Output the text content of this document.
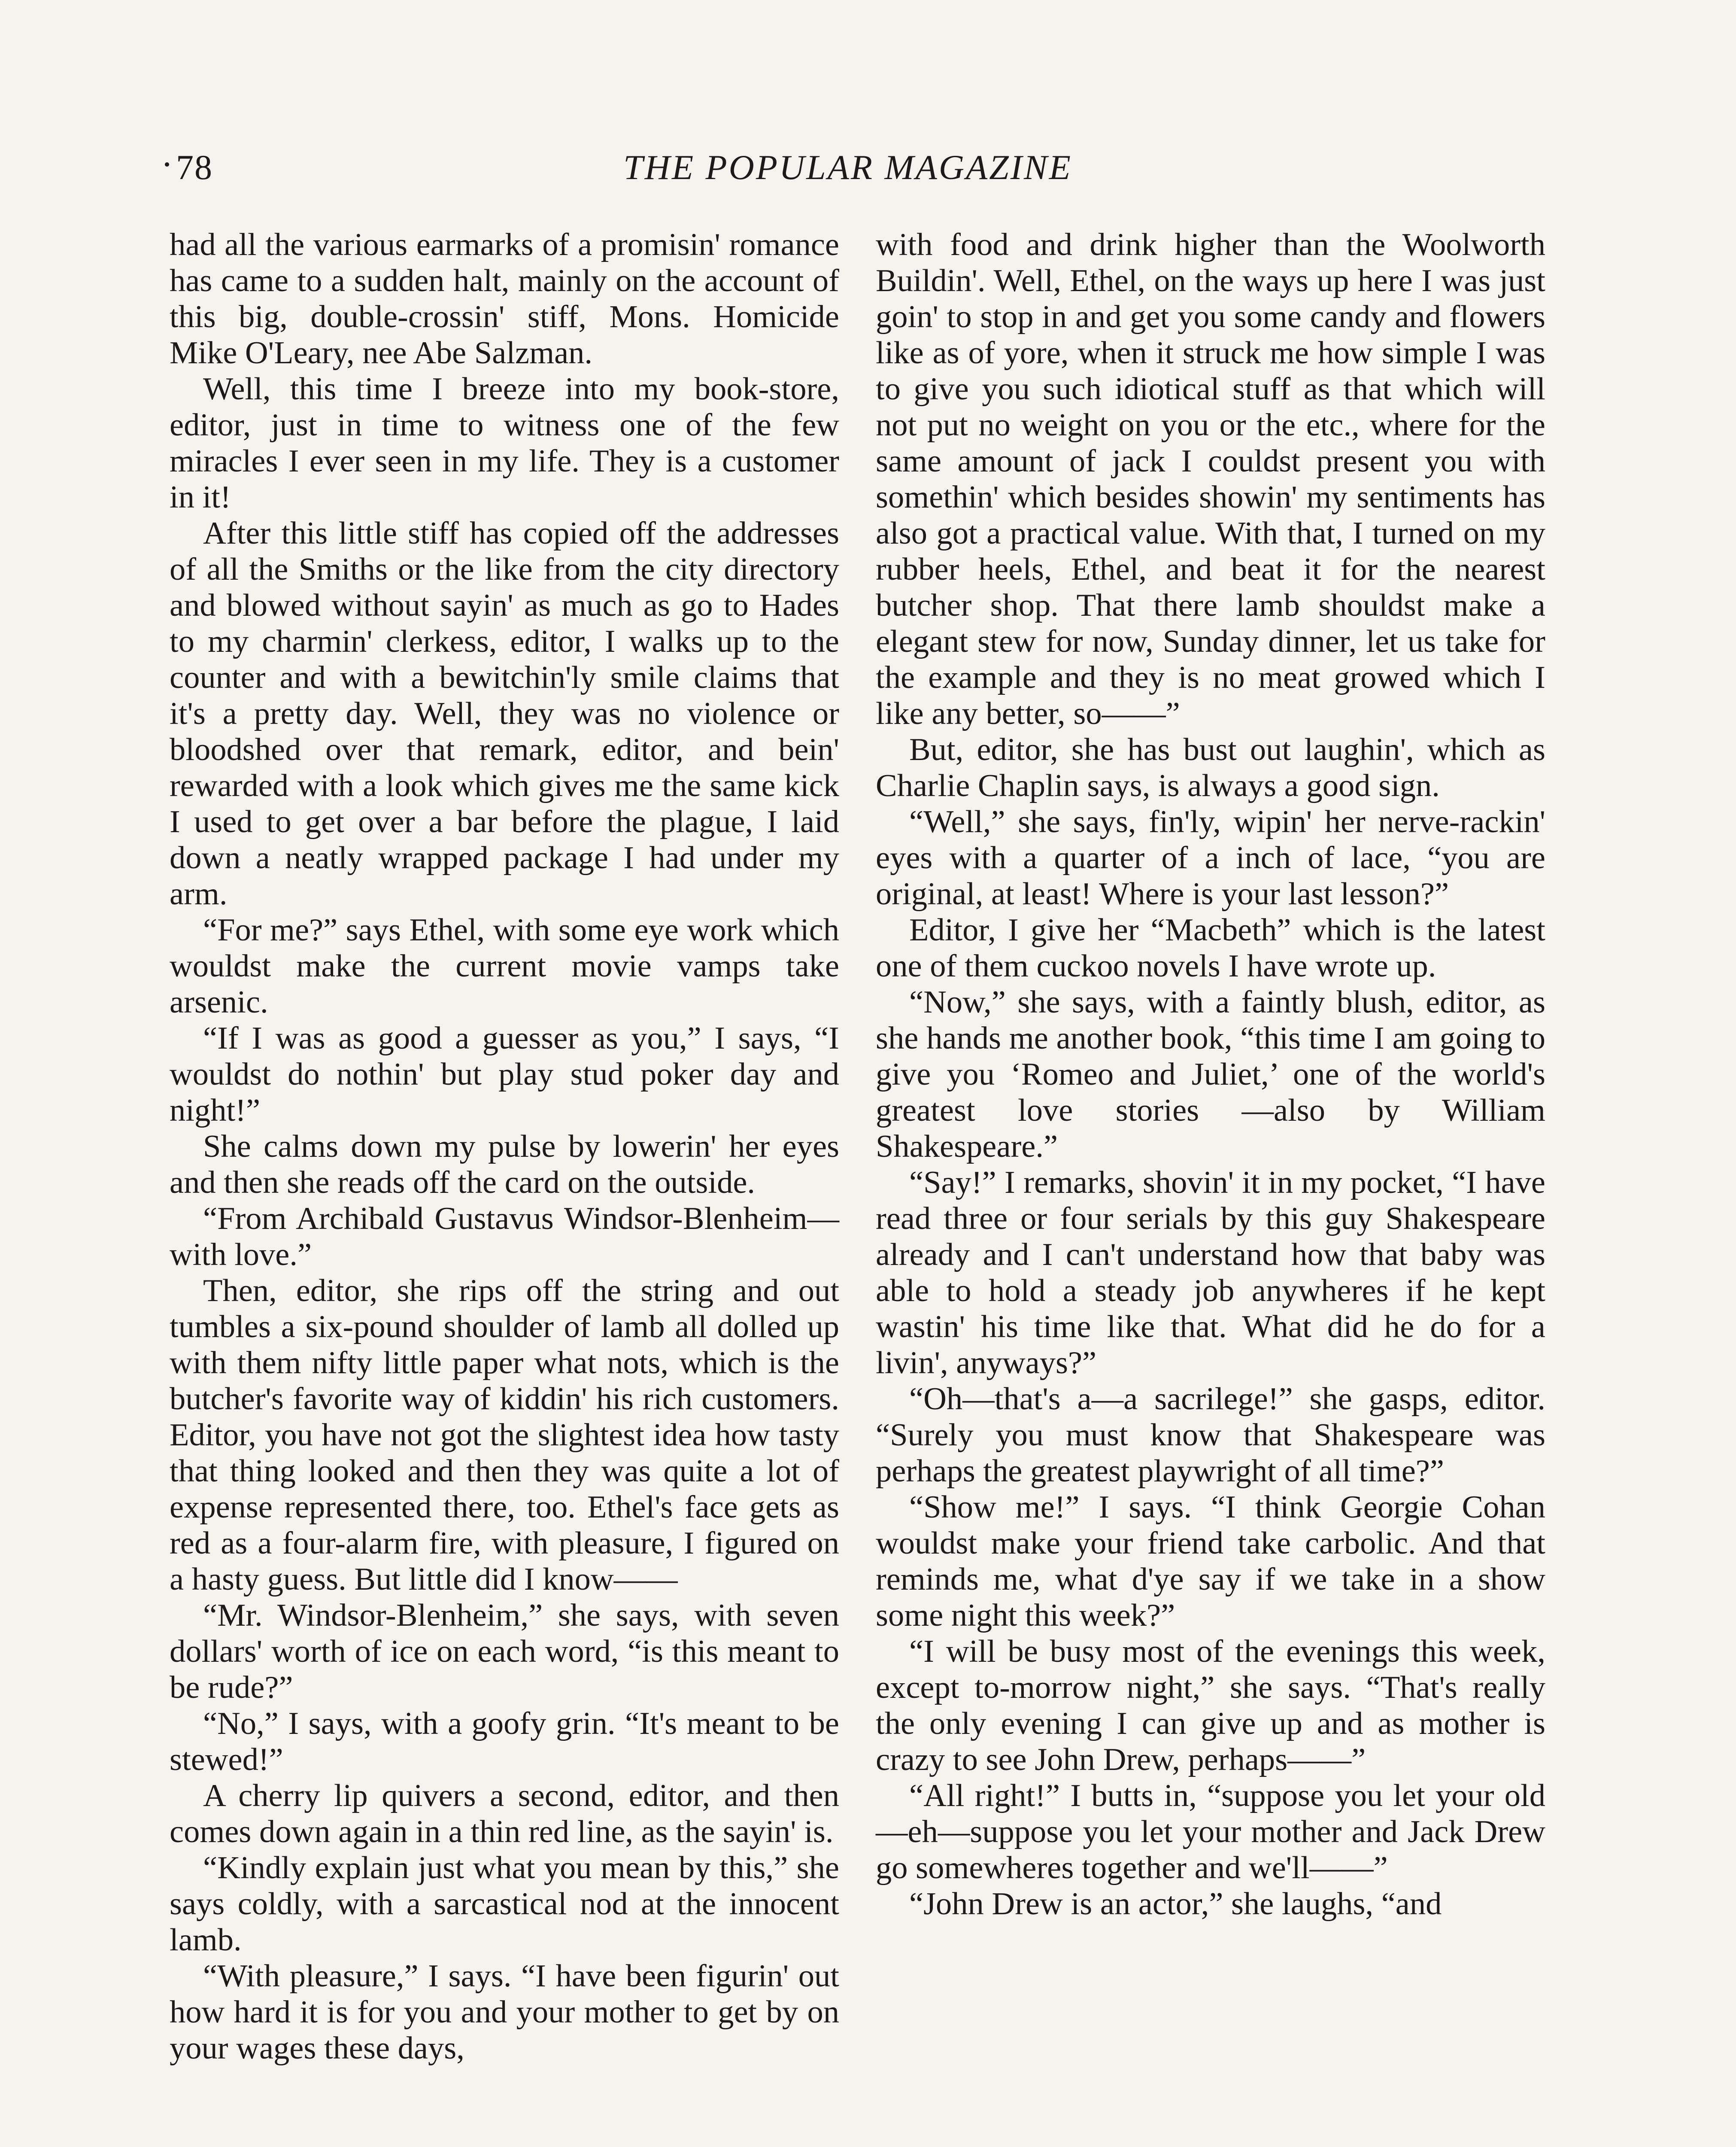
78	THE POPULAR MAGAZINE

had all the various earmarks of a promisin' romance has came to a sudden halt, mainly on the account of this big, double-crossin' stiff, Mons. Homicide Mike O'Leary, nee Abe Salzman.

Well, this time I breeze into my book-store, editor, just in time to witness one of the few miracles I ever seen in my life. They is a customer in it!

After this little stiff has copied off the addresses of all the Smiths or the like from the city directory and blowed without sayin' as much as go to Hades to my charmin' clerkess, editor, I walks up to the counter and with a bewitchin'ly smile claims that it's a pretty day. Well, they was no violence or bloodshed over that remark, editor, and bein' rewarded with a look which gives me the same kick I used to get over a bar before the plague, I laid down a neatly wrapped package I had under my arm.

“For me?” says Ethel, with some eye work which wouldst make the current movie vamps take arsenic.

“If I was as good a guesser as you,” I says, “I wouldst do nothin' but play stud poker day and night!”

She calms down my pulse by lowerin' her eyes and then she reads off the card on the outside.

“From Archibald Gustavus Windsor-Blenheim—with love.”

Then, editor, she rips off the string and out tumbles a six-pound shoulder of lamb all dolled up with them nifty little paper what nots, which is the butcher's favorite way of kiddin' his rich customers. Editor, you have not got the slightest idea how tasty that thing looked and then they was quite a lot of expense represented there, too. Ethel's face gets as red as a four-alarm fire, with pleasure, I figured on a hasty guess. But little did I know——

“Mr. Windsor-Blenheim,” she says, with seven dollars' worth of ice on each word, “is this meant to be rude?”

“No,” I says, with a goofy grin. “It's meant to be stewed!”

A cherry lip quivers a second, editor, and then comes down again in a thin red line, as the sayin' is.

“Kindly explain just what you mean by this,” she says coldly, with a sarcastical nod at the innocent lamb.

“With pleasure,” I says. “I have been figurin' out how hard it is for you and your mother to get by on your wages these days,

with food and drink higher than the Woolworth Buildin'. Well, Ethel, on the ways up here I was just goin' to stop in and get you some candy and flowers like as of yore, when it struck me how simple I was to give you such idiotical stuff as that which will not put no weight on you or the etc., where for the same amount of jack I couldst present you with somethin' which besides showin' my sentiments has also got a practical value. With that, I turned on my rubber heels, Ethel, and beat it for the nearest butcher shop. That there lamb shouldst make a elegant stew for now, Sunday dinner, let us take for the example and they is no meat growed which I like any better, so——”

But, editor, she has bust out laughin', which as Charlie Chaplin says, is always a good sign.

“Well,” she says, fin'ly, wipin' her nerve-rackin' eyes with a quarter of a inch of lace, “you are original, at least! Where is your last lesson?”

Editor, I give her “Macbeth” which is the latest one of them cuckoo novels I have wrote up.

“Now,” she says, with a faintly blush, editor, as she hands me another book, “this time I am going to give you ‘Romeo and Juliet,’ one of the world's greatest love stories —also by William Shakespeare.”

“Say!” I remarks, shovin' it in my pocket, “I have read three or four serials by this guy Shakespeare already and I can't understand how that baby was able to hold a steady job anywheres if he kept wastin' his time like that. What did he do for a livin', anyways?”

“Oh—that's a—a sacrilege!” she gasps, editor. “Surely you must know that Shakespeare was perhaps the greatest playwright of all time?”

“Show me!” I says. “I think Georgie Cohan wouldst make your friend take carbolic. And that reminds me, what d'ye say if we take in a show some night this week?”

“I will be busy most of the evenings this week, except to-morrow night,” she says. “That's really the only evening I can give up and as mother is crazy to see John Drew, perhaps——”

“All right!” I butts in, “suppose you let your old—eh—suppose you let your mother and Jack Drew go somewheres together and we'll——”

“John Drew is an actor,” she laughs, “and
